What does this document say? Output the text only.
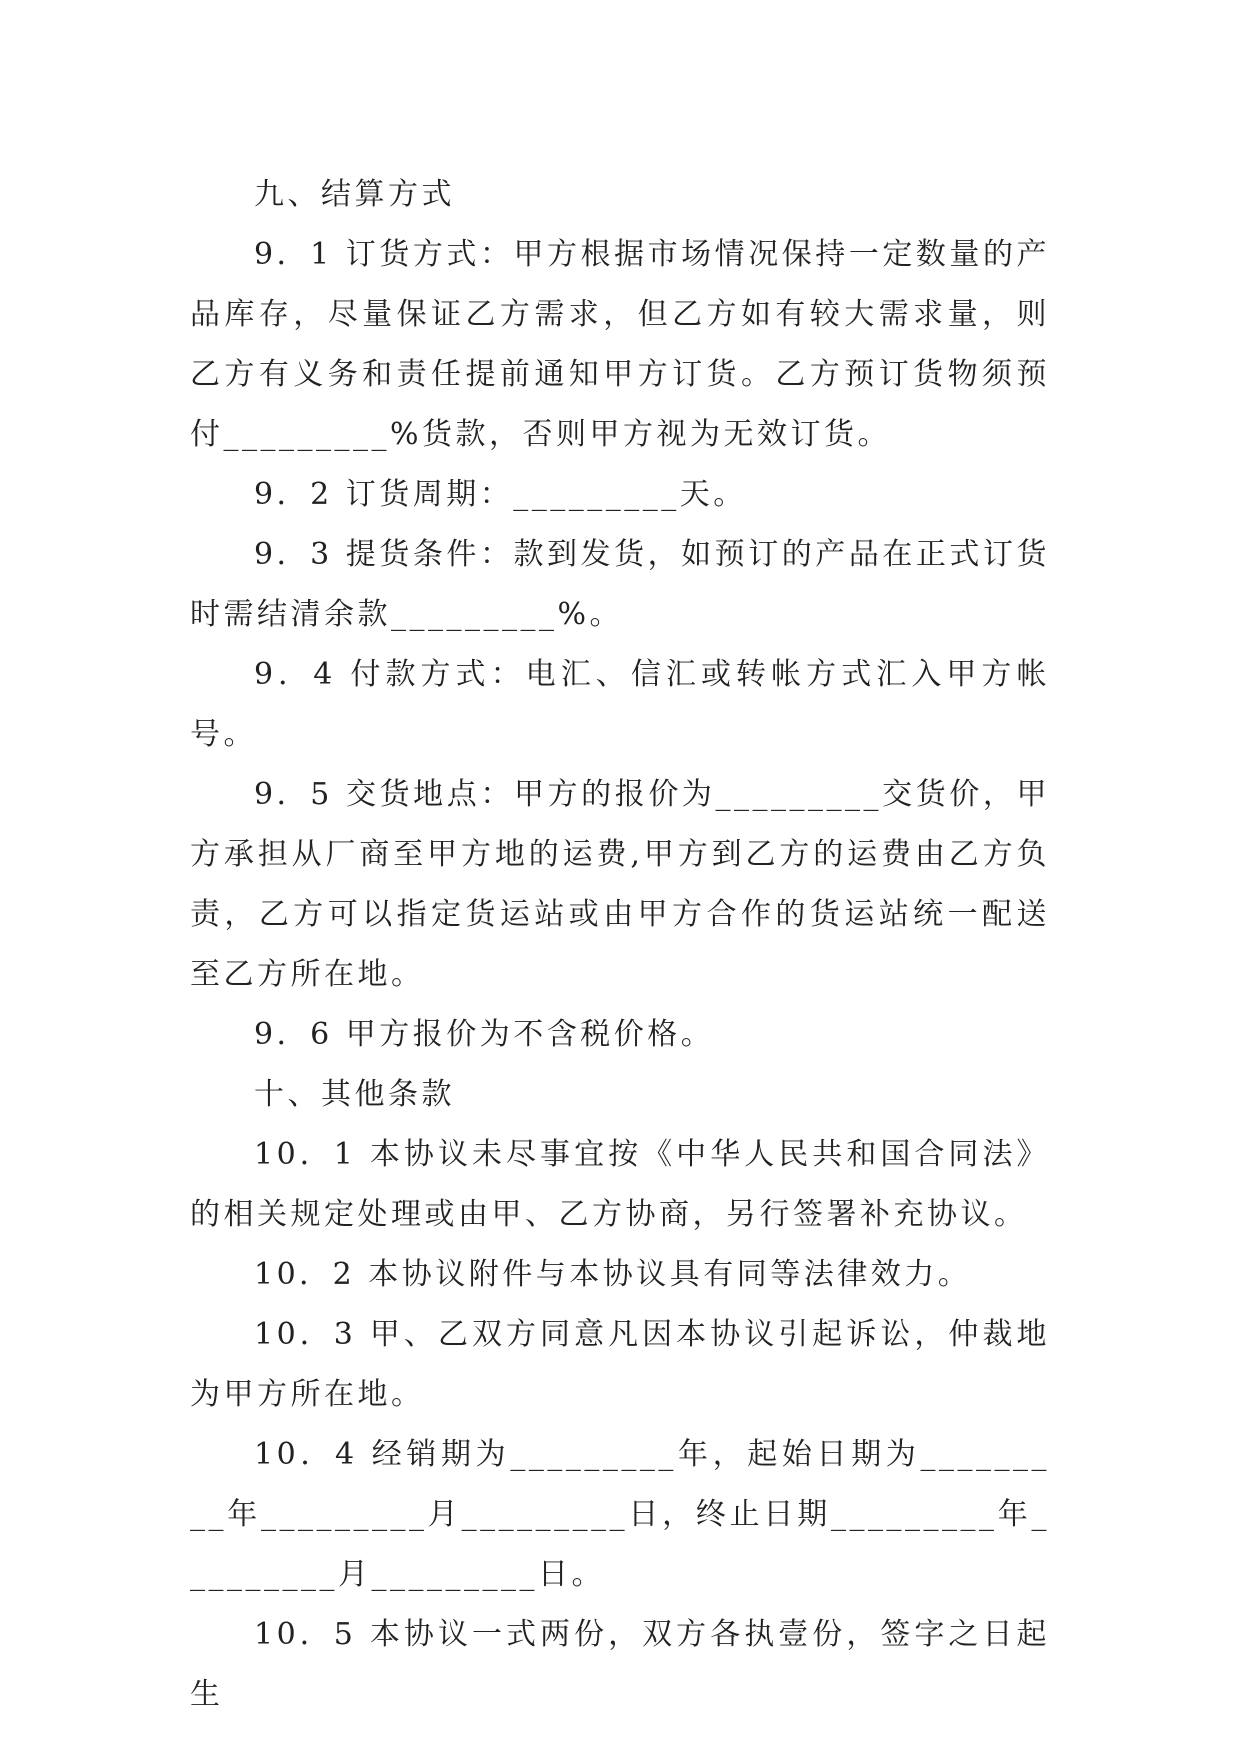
九、结算方式

9．1 订货方式：甲方根据市场情况保持一定数量的产品库存，尽量保证乙方需求，但乙方如有较大需求量，则乙方有义务和责任提前通知甲方订货。乙方预订货物须预付_________%货款，否则甲方视为无效订货。

9．2 订货周期：_________天。

9．3 提货条件：款到发货，如预订的产品在正式订货时需结清余款_________%。

9．4 付款方式：电汇、信汇或转帐方式汇入甲方帐号。

9．5 交货地点：甲方的报价为_________交货价，甲方承担从厂商至甲方地的运费,甲方到乙方的运费由乙方负责，乙方可以指定货运站或由甲方合作的货运站统一配送至乙方所在地。

9．6 甲方报价为不含税价格。

十、其他条款

10．1 本协议未尽事宜按《中华人民共和国合同法》的相关规定处理或由甲、乙方协商，另行签署补充协议。

10．2 本协议附件与本协议具有同等法律效力。

10．3 甲、乙双方同意凡因本协议引起诉讼，仲裁地为甲方所在地。

10．4 经销期为_________年，起始日期为_________年_________月_________日，终止日期_________年_________月_________日。

10．5 本协议一式两份，双方各执壹份，签字之日起生
